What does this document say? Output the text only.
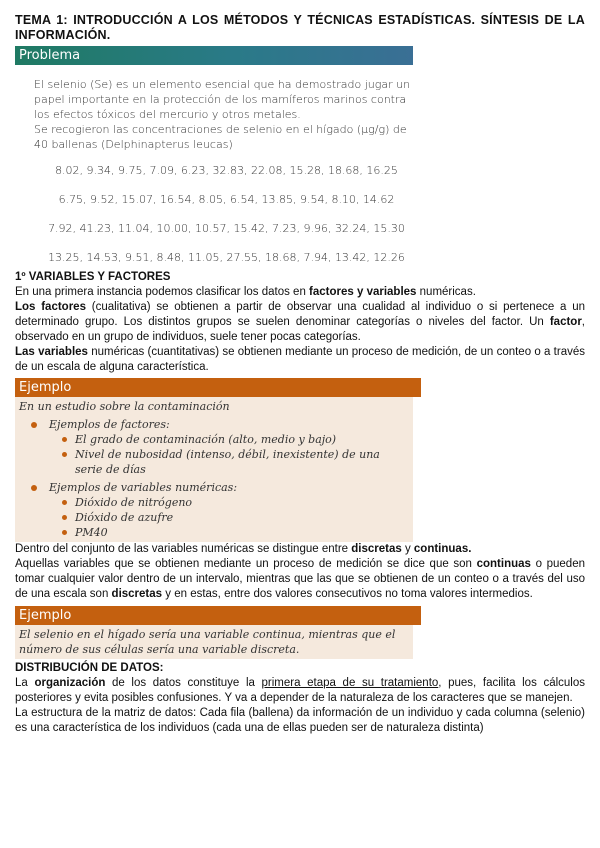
TEMA 1: INTRODUCCIÓN A LOS MÉTODOS Y TÉCNICAS ESTADÍSTICAS. SÍNTESIS DE LA INFORMACIÓN.
Problema

El selenio (Se) es un elemento esencial que ha demostrado jugar un papel importante en la protección de los mamíferos marinos contra los efectos tóxicos del mercurio y otros metales.

Se recogieron las concentraciones de selenio en el hígado (μg/g) de 40 ballenas (Delphinapterus leucas)

8.02, 9.34, 9.75, 7.09, 6.23, 32.83, 22.08, 15.28, 18.68, 16.25
6.75, 9.52, 15.07, 16.54, 8.05, 6.54, 13.85, 9.54, 8.10, 14.62
7.92, 41.23, 11.04, 10.00, 10.57, 15.42, 7.23, 9.96, 32.24, 15.30
13.25, 14.53, 9.51, 8.48, 11.05, 27.55, 18.68, 7.94, 13.42, 12.26
1º VARIABLES Y FACTORES

En una primera instancia podemos clasificar los datos en factores y variables numéricas.

Los factores (cualitativa) se obtienen a partir de observar una cualidad al individuo o si pertenece a un determinado grupo. Los distintos grupos se suelen denominar categorías o niveles del factor. Un factor, observado en un grupo de individuos, suele tener pocas categorías.

Las variables numéricas (cuantitativas) se obtienen mediante un proceso de medición, de un conteo o a través de un escala de alguna característica.

Ejemplo
En un estudio sobre la contaminación
Ejemplos de factores:
El grado de contaminación (alto, medio y bajo)
Nivel de nubosidad (intenso, débil, inexistente) de una serie de días
Ejemplos de variables numéricas:
Dióxido de nitrógeno
Dióxido de azufre
PM40

Dentro del conjunto de las variables numéricas se distingue entre discretas y continuas.

Aquellas variables que se obtienen mediante un proceso de medición se dice que son continuas o pueden tomar cualquier valor dentro de un intervalo, mientras que las que se obtienen de un conteo o a través del uso de una escala son discretas y en estas, entre dos valores consecutivos no toma valores intermedios.

Ejemplo
El selenio en el hígado sería una variable continua, mientras que el número de sus células sería una variable discreta.
DISTRIBUCIÓN DE DATOS:

La organización de los datos constituye la primera etapa de su tratamiento, pues, facilita los cálculos posteriores y evita posibles confusiones. Y va a depender de la naturaleza de los caracteres que se manejen.

La estructura de la matriz de datos: Cada fila (ballena) da información de un individuo y cada columna (selenio) es una característica de los individuos (cada una de ellas pueden ser de naturaleza distinta)
